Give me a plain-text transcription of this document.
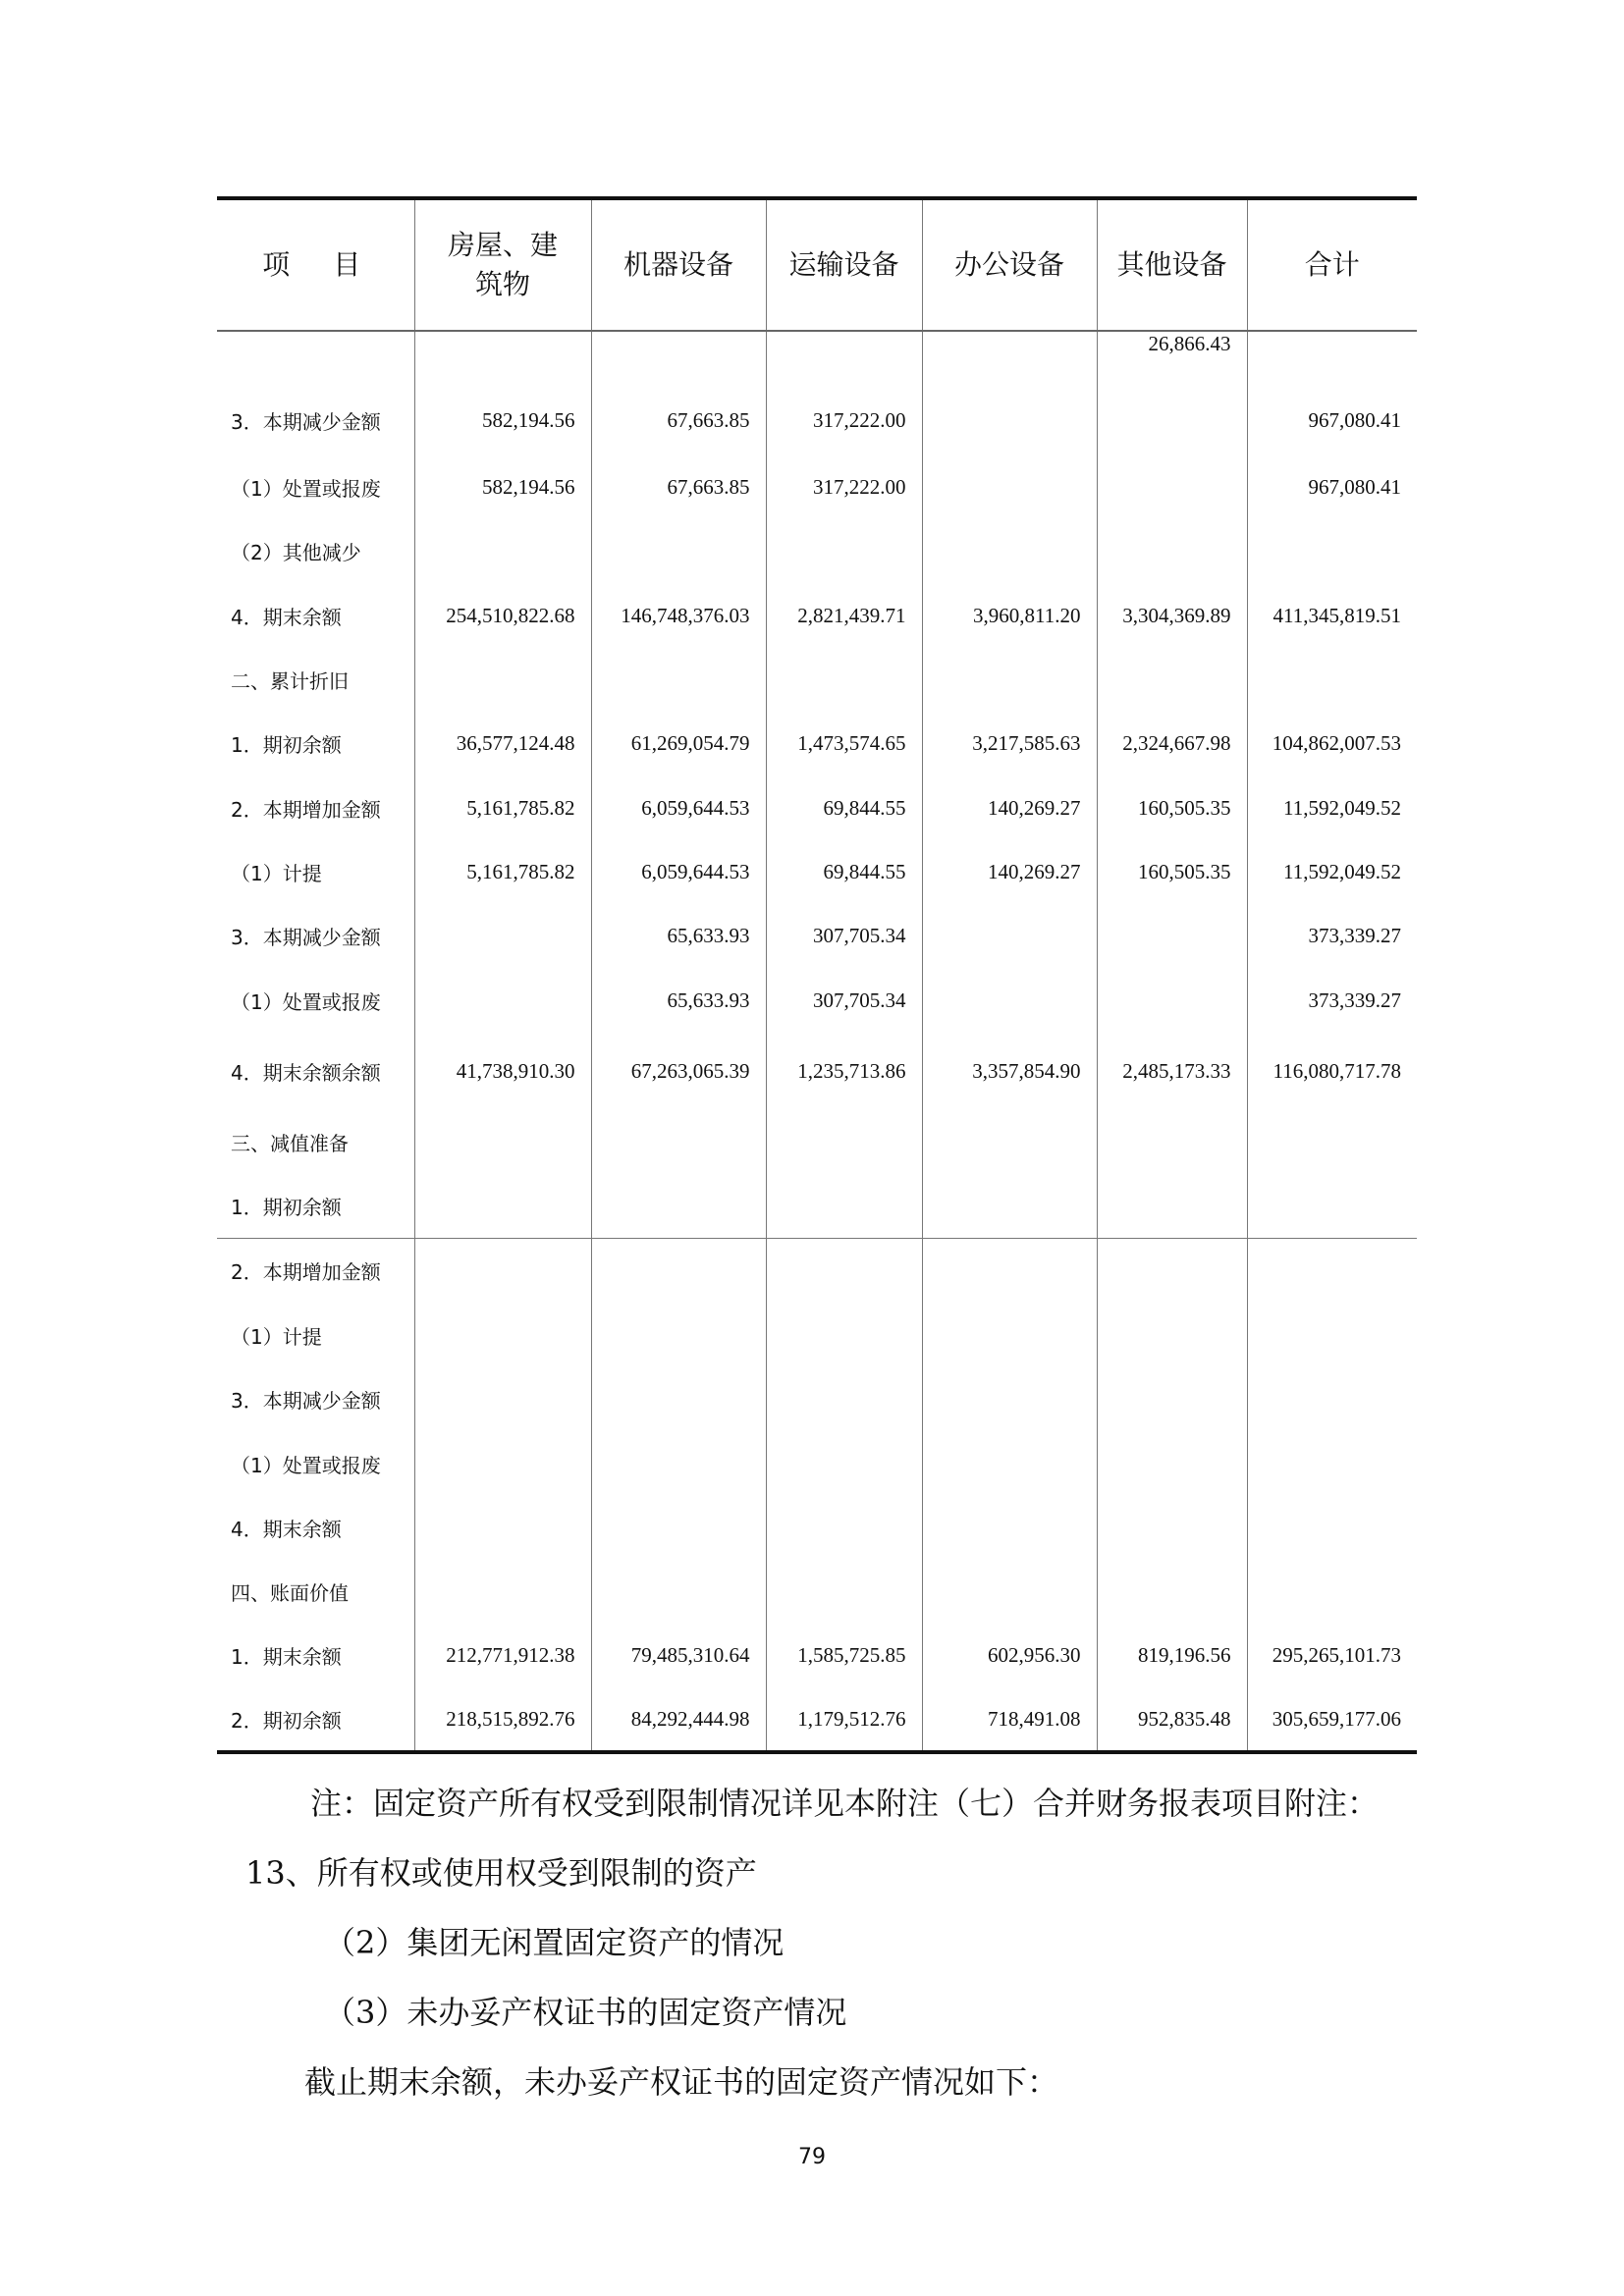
项　目	房屋、建筑物	机器设备	运输设备	办公设备	其他设备	合计
					26,866.43	
3．本期减少金额	582,194.56	67,663.85	317,222.00			967,080.41
（1）处置或报废	582,194.56	67,663.85	317,222.00			967,080.41
（2）其他减少						
4．期末余额	254,510,822.68	146,748,376.03	2,821,439.71	3,960,811.20	3,304,369.89	411,345,819.51
二、累计折旧						
1．期初余额	36,577,124.48	61,269,054.79	1,473,574.65	3,217,585.63	2,324,667.98	104,862,007.53
2．本期增加金额	5,161,785.82	6,059,644.53	69,844.55	140,269.27	160,505.35	11,592,049.52
（1）计提	5,161,785.82	6,059,644.53	69,844.55	140,269.27	160,505.35	11,592,049.52
3．本期减少金额		65,633.93	307,705.34			373,339.27
（1）处置或报废		65,633.93	307,705.34			373,339.27
4．期末余额余额	41,738,910.30	67,263,065.39	1,235,713.86	3,357,854.90	2,485,173.33	116,080,717.78
三、减值准备						
1．期初余额						
2．本期增加金额						
（1）计提						
3．本期减少金额						
（1）处置或报废						
4．期末余额						
四、账面价值						
1．期末余额	212,771,912.38	79,485,310.64	1,585,725.85	602,956.30	819,196.56	295,265,101.73
2．期初余额	218,515,892.76	84,292,444.98	1,179,512.76	718,491.08	952,835.48	305,659,177.06
注：固定资产所有权受到限制情况详见本附注（七）合并财务报表项目附注：
13、所有权或使用权受到限制的资产
（2）集团无闲置固定资产的情况
（3）未办妥产权证书的固定资产情况
截止期末余额，未办妥产权证书的固定资产情况如下：
79
